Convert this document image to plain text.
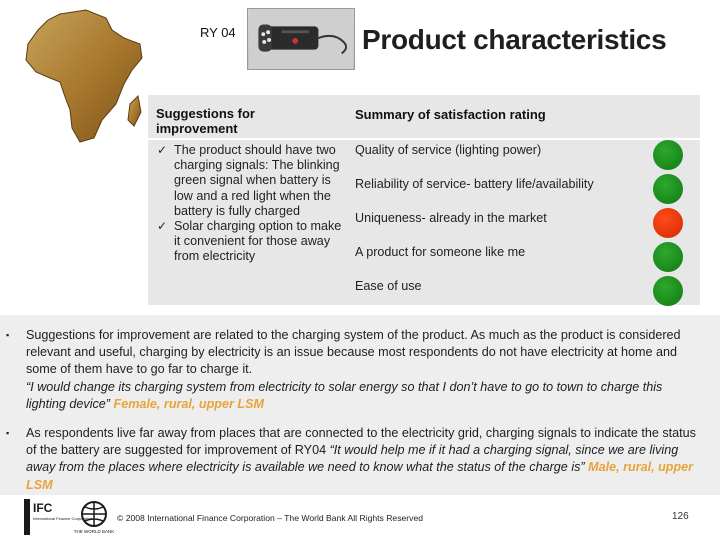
RY 04	Product characteristics
Suggestions for improvement
Summary of satisfaction rating
✓ The product should have two charging signals: The blinking green signal when battery is low and a red light when the battery is fully charged
✓ Solar charging option to make it convenient for those away from electricity
Quality of service (lighting power)
Reliability of service- battery life/availability
Uniqueness- already in the market
A product for someone like me
Ease of use
▪ Suggestions for improvement are related to the charging system of the product. As much as the product is considered relevant and useful, charging by electricity is an issue because most respondents do not have electricity at home and some of them have to go far to charge it.
“I would change its charging system from electricity to solar energy so that I don’t have to go to town to charge this lighting device” Female, rural, upper LSM
▪ As respondents live far away from places that are connected to the electricity grid, charging signals to indicate the status of the battery are suggested for improvement of RY04 “It would help me if it had a charging signal, since we are living away from the places where electricity is available we need to know what the status of the charge is” Male, rural, upper LSM
IFC
International Finance Corporation
THE WORLD BANK
© 2008 International Finance Corporation – The World Bank All Rights Reserved	126
